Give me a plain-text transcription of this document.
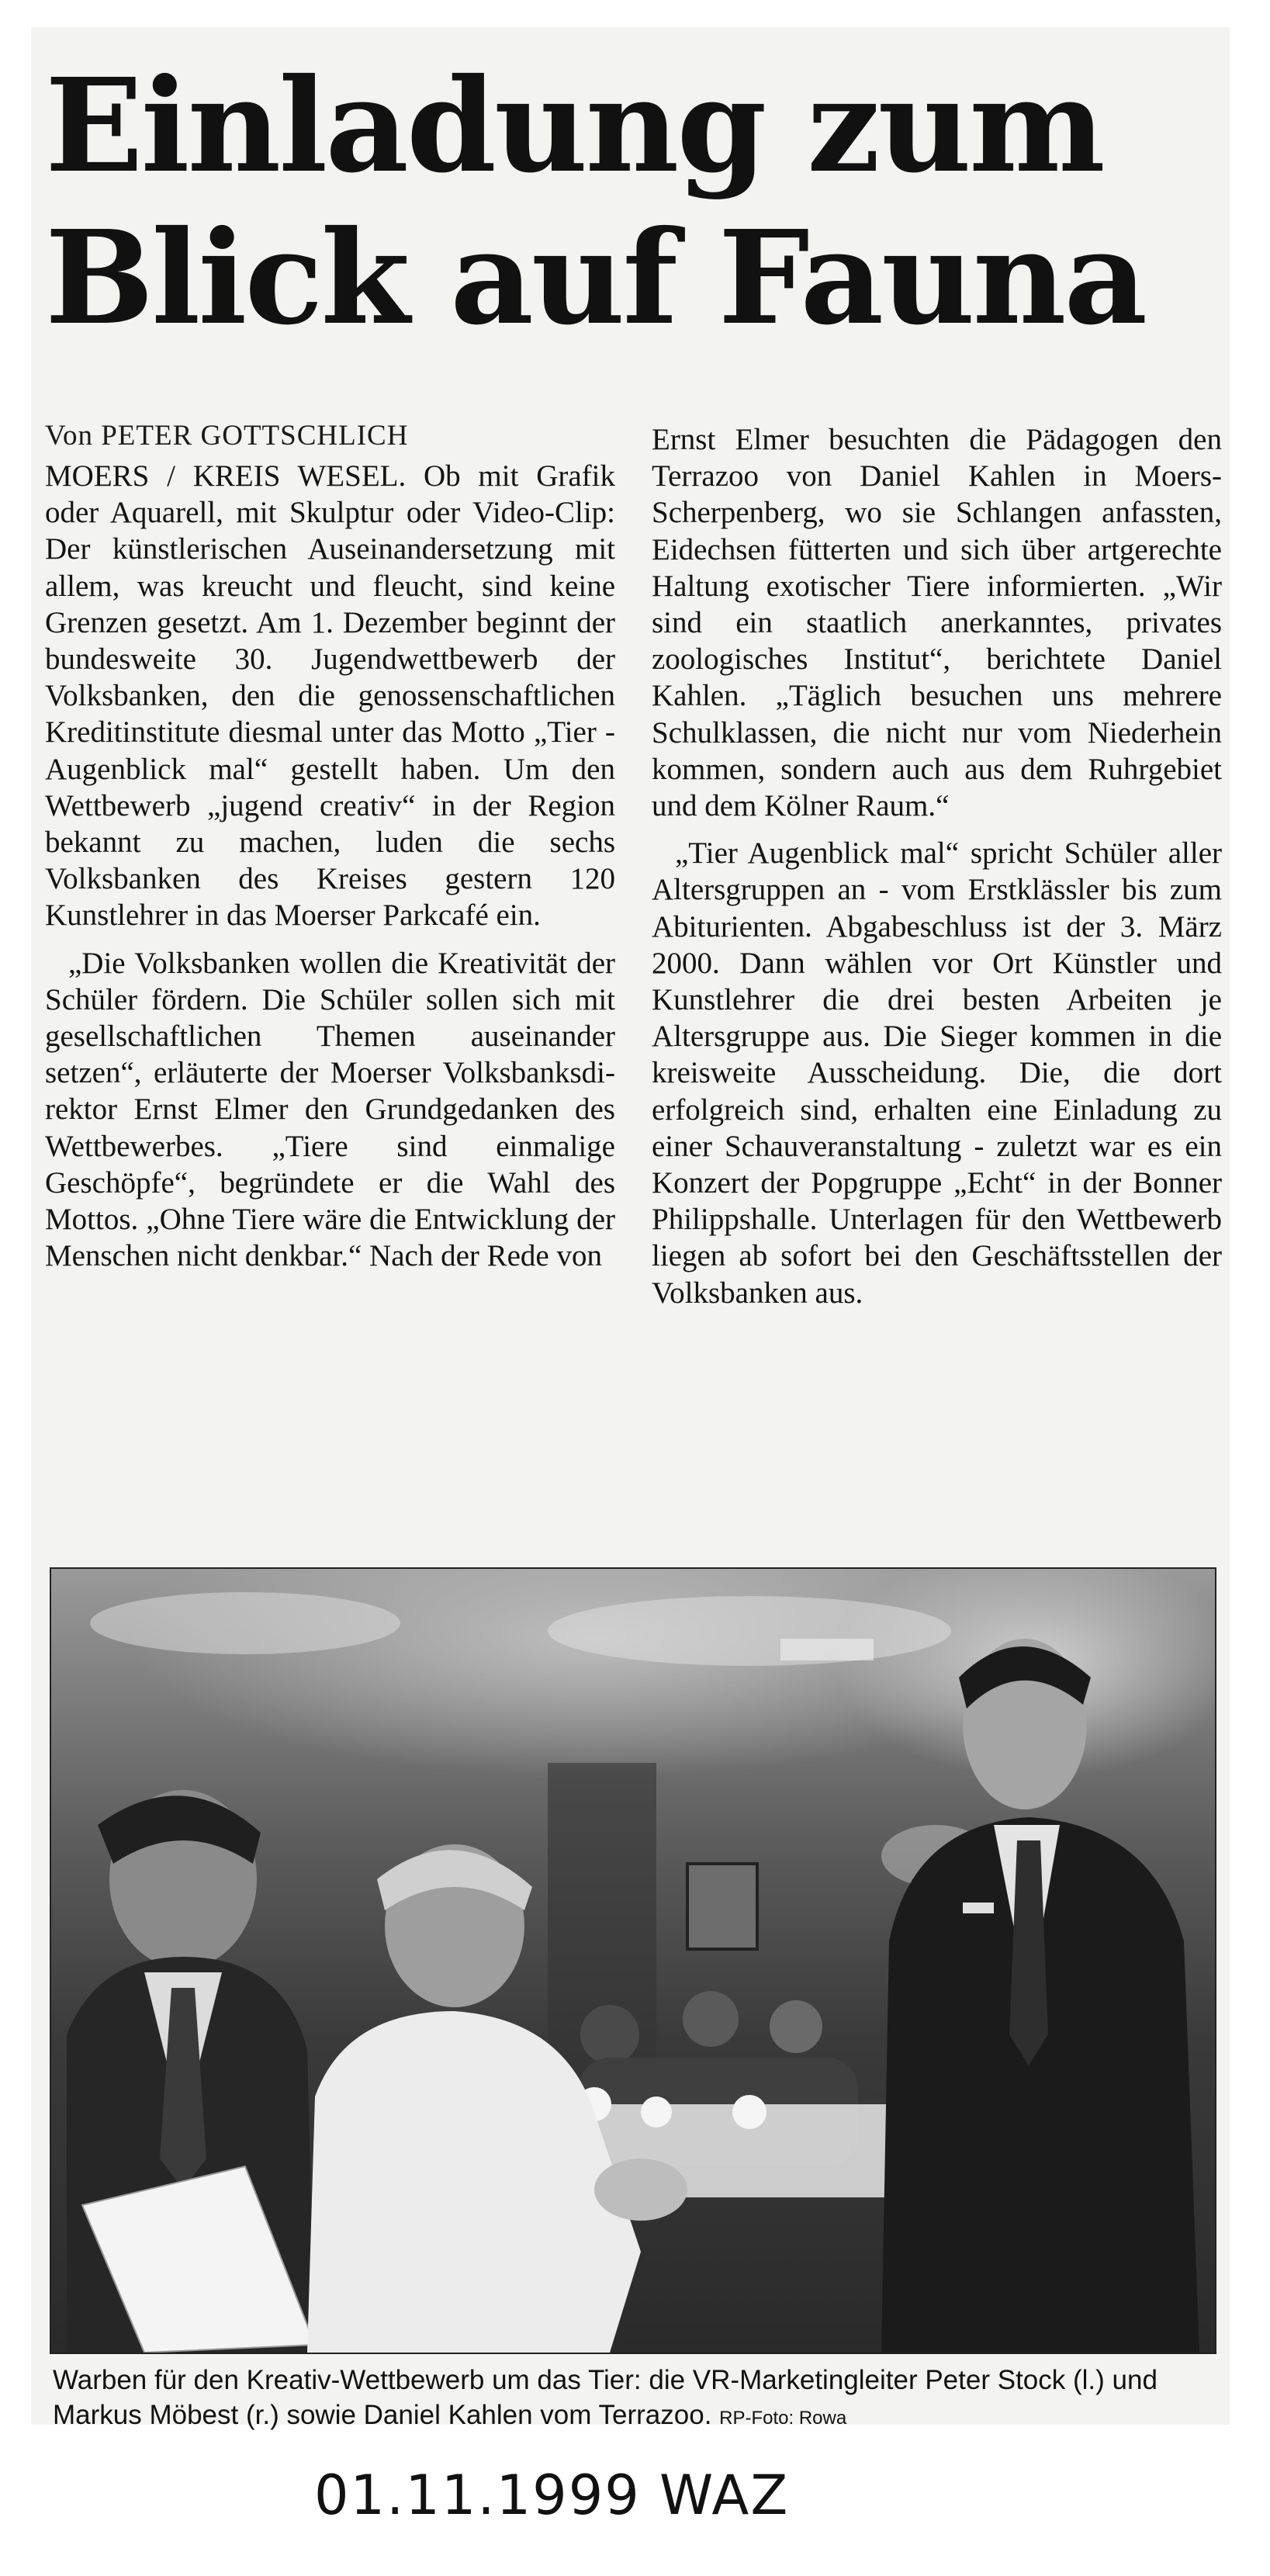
Einladung zum
Blick auf Fauna
Von PETER GOTTSCHLICH

MOERS / KREIS WESEL. Ob mit Grafik oder Aquarell, mit Skulptur oder Video-Clip: Der künstlerischen Auseinandersetzung mit allem, was kreucht und fleucht, sind keine Grenzen gesetzt. Am 1. Dezember beginnt der bundesweite 30. Jugendwettbewerb der Volksbanken, den die genossenschaftlichen Kreditinstitute diesmal unter das Motto „Tier - Augenblick mal“ gestellt haben. Um den Wettbewerb „jugend creativ“ in der Region bekannt zu machen, luden die sechs Volksbanken des Kreises gestern 120 Kunstlehrer in das Moerser Parkcafé ein.

„Die Volksbanken wollen die Kreativität der Schüler fördern. Die Schüler sollen sich mit gesellschaftlichen Themen auseinander setzen“, erläuterte der Moerser Volksbanksdirektor Ernst Elmer den Grundgedanken des Wettbewerbes. „Tiere sind einmalige Geschöpfe“, begründete er die Wahl des Mottos. „Ohne Tiere wäre die Entwicklung der Menschen nicht denkbar.“ Nach der Rede von

Ernst Elmer besuchten die Pädagogen den Terrazoo von Daniel Kahlen in Moers-Scherpenberg, wo sie Schlangen anfassten, Eidechsen fütterten und sich über artgerechte Haltung exotischer Tiere informierten. „Wir sind ein staatlich anerkanntes, privates zoologisches Institut“, berichtete Daniel Kahlen. „Täglich besuchen uns mehrere Schulklassen, die nicht nur vom Niederhein kommen, sondern auch aus dem Ruhrgebiet und dem Kölner Raum.“

„Tier Augenblick mal“ spricht Schüler aller Altersgruppen an - vom Erstklässler bis zum Abiturienten. Abgabeschluss ist der 3. März 2000. Dann wählen vor Ort Künstler und Kunstlehrer die drei besten Arbeiten je Altersgruppe aus. Die Sieger kommen in die kreisweite Ausscheidung. Die, die dort erfolgreich sind, erhalten eine Einladung zu einer Schauveranstaltung - zuletzt war es ein Konzert der Popgruppe „Echt“ in der Bonner Philippshalle. Unterlagen für den Wettbewerb liegen ab sofort bei den Geschäftsstellen der Volksbanken aus.

Warben für den Kreativ-Wettbewerb um das Tier: die VR-Marketingleiter Peter Stock (l.) und Markus Möbest (r.) sowie Daniel Kahlen vom Terrazoo. RP-Foto: Rowa
01.11.1999 WAZ
